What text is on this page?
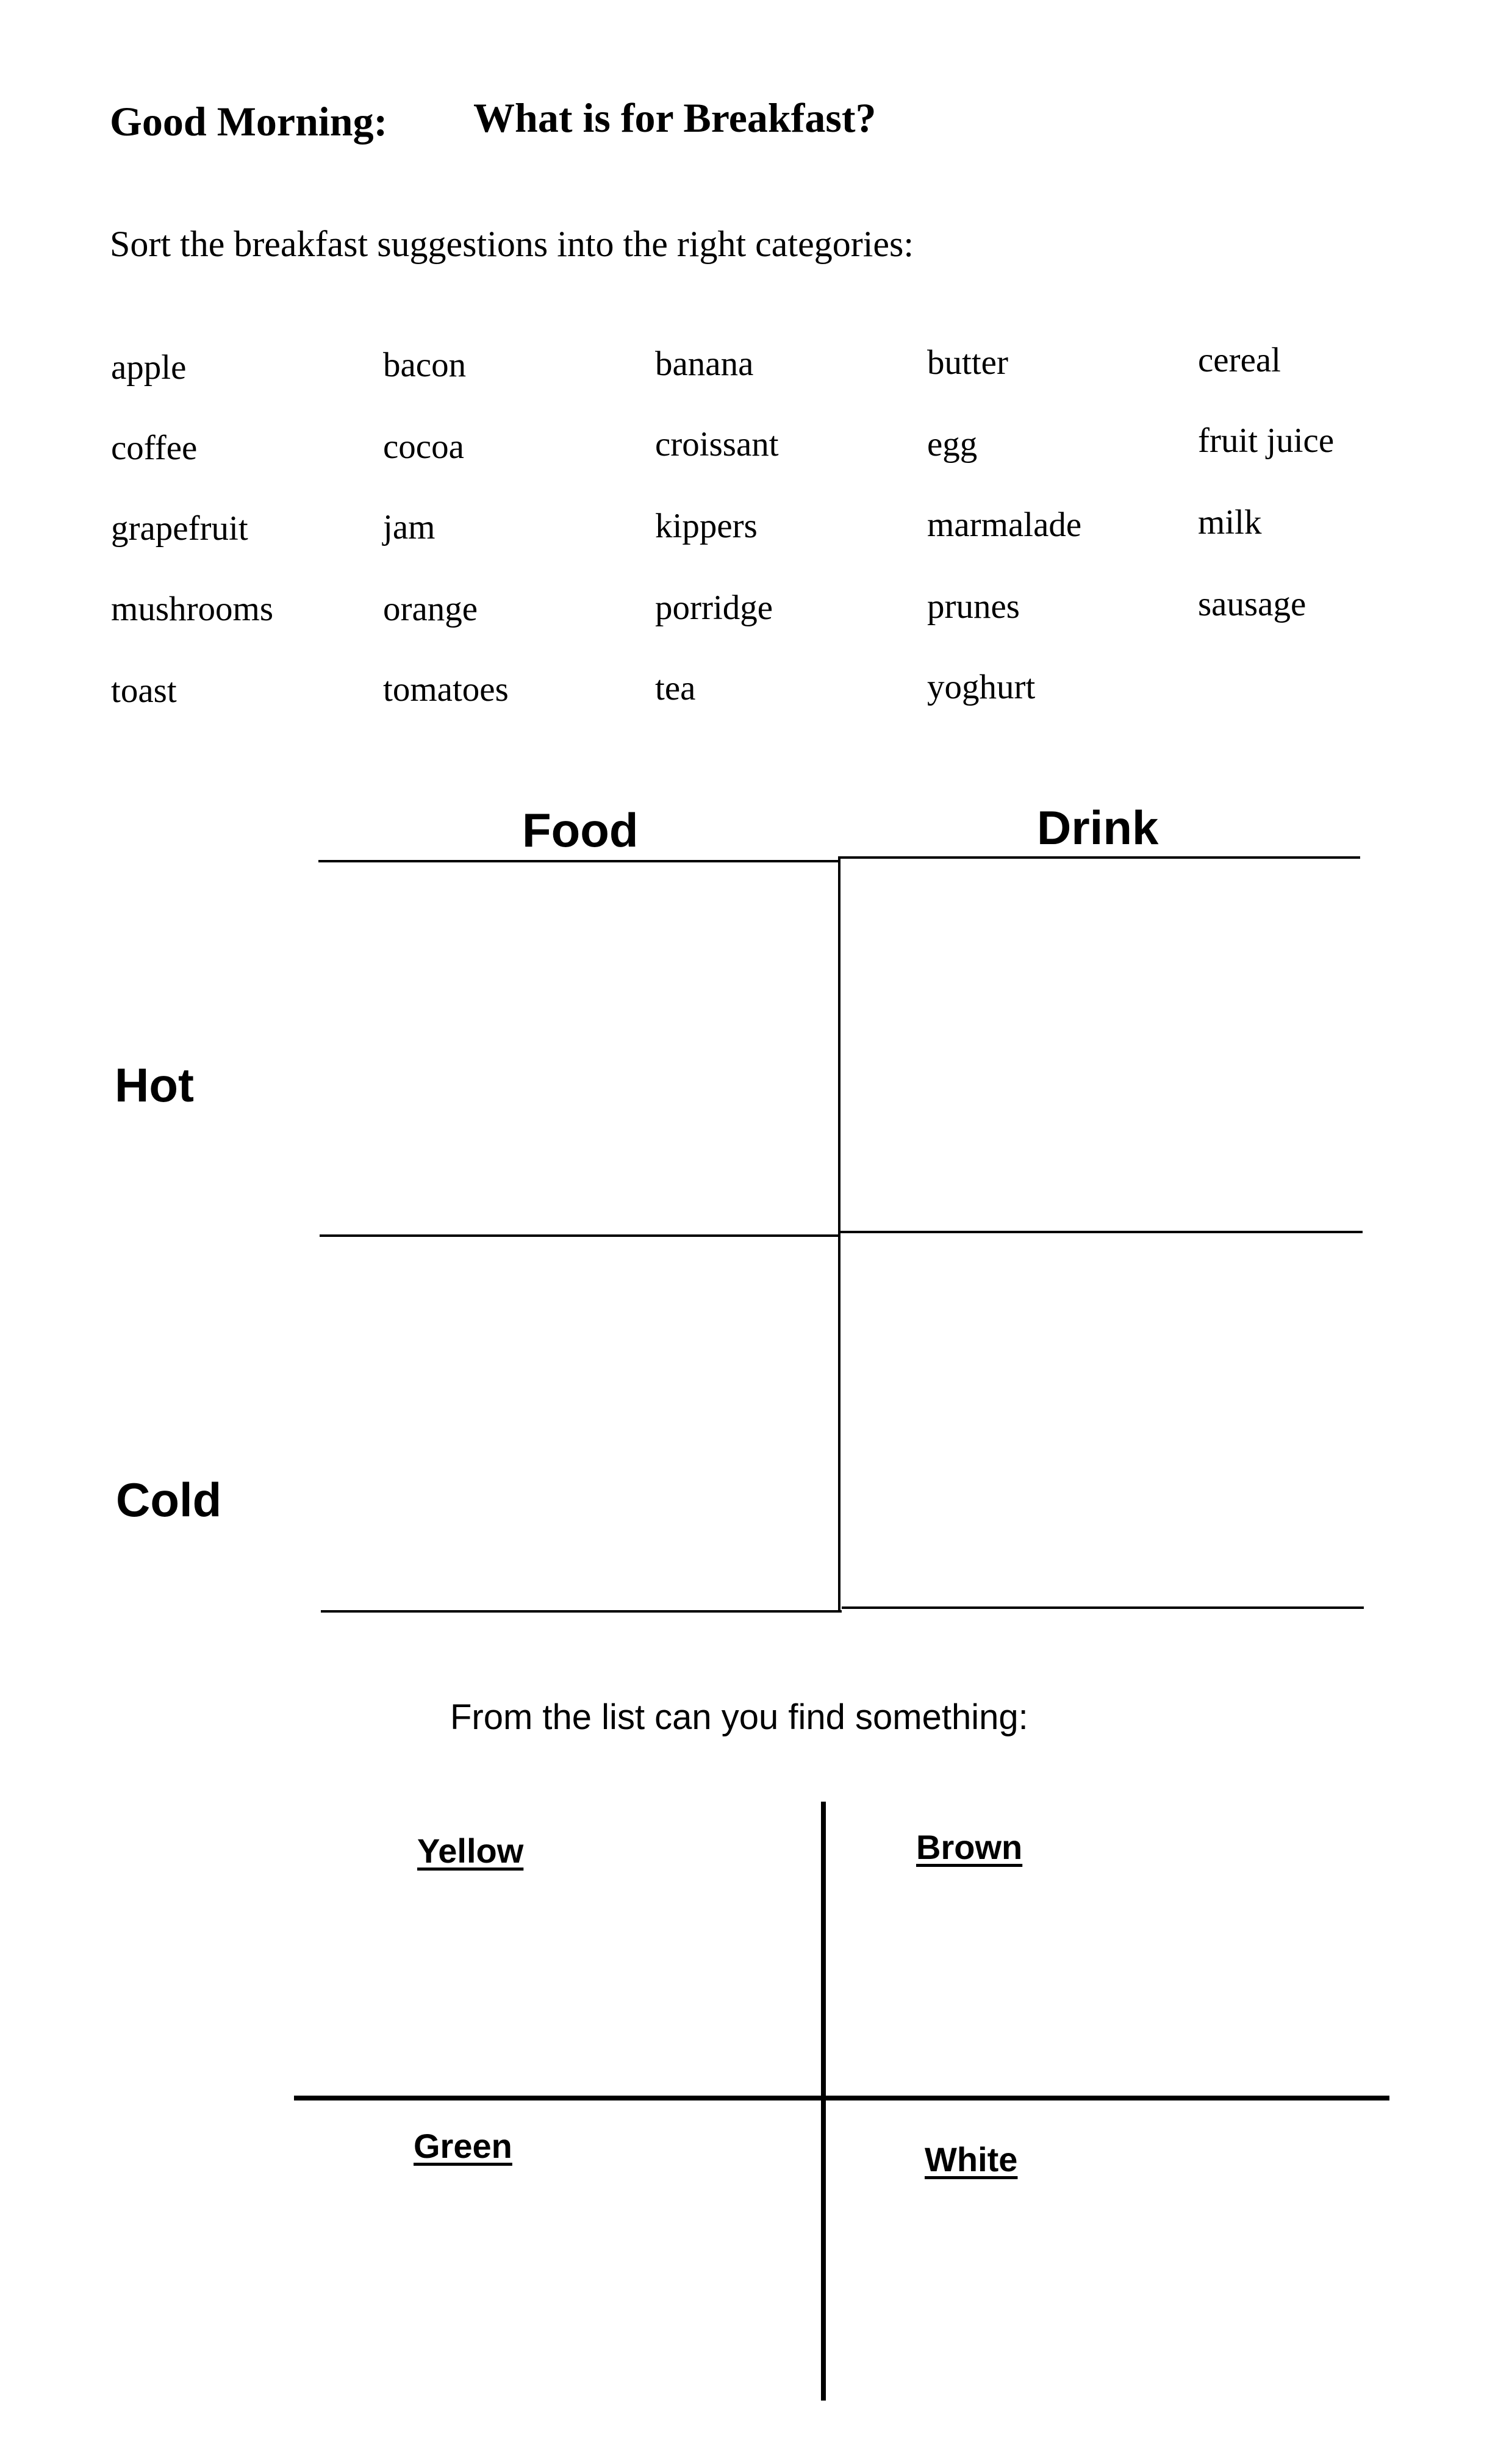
Good Morning: What is for Breakfast?
Sort the breakfast suggestions into the right categories:
apple	bacon	banana	butter	cereal
coffee	cocoa	croissant	egg	fruit juice
grapefruit	jam	kippers	marmalade	milk
mushrooms	orange	porridge	prunes	sausage
toast	tomatoes	tea	yoghurt
Food	Drink
Hot
Cold
From the list can you find something:
Yellow	Brown
Green	White
